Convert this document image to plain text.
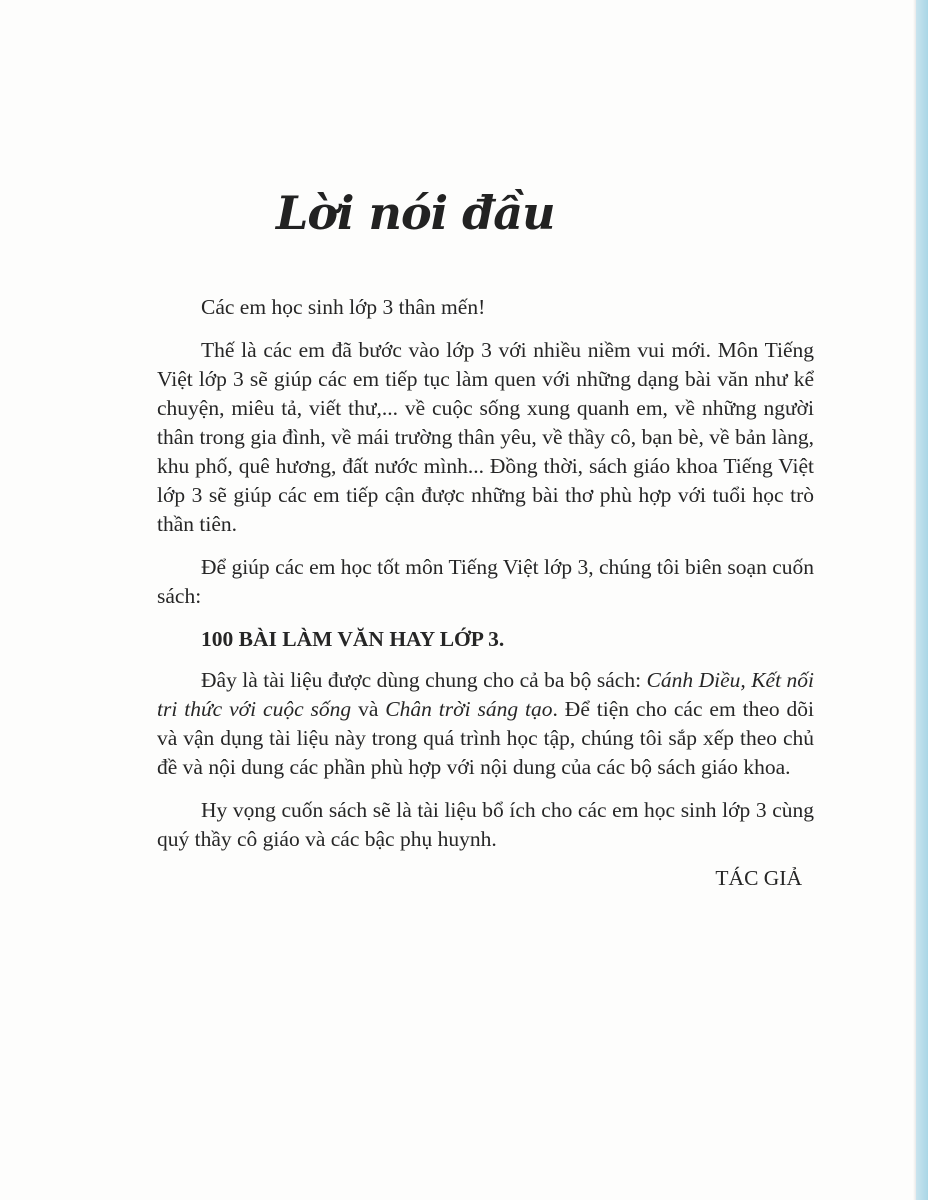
Lời nói đầu

Các em học sinh lớp 3 thân mến!

Thế là các em đã bước vào lớp 3 với nhiều niềm vui mới. Môn Tiếng Việt lớp 3 sẽ giúp các em tiếp tục làm quen với những dạng bài văn như kể chuyện, miêu tả, viết thư,... về cuộc sống xung quanh em, về những người thân trong gia đình, về mái trường thân yêu, về thầy cô, bạn bè, về bản làng, khu phố, quê hương, đất nước mình... Đồng thời, sách giáo khoa Tiếng Việt lớp 3 sẽ giúp các em tiếp cận được những bài thơ phù hợp với tuổi học trò thần tiên.

Để giúp các em học tốt môn Tiếng Việt lớp 3, chúng tôi biên soạn cuốn sách:

100 BÀI LÀM VĂN HAY LỚP 3.

Đây là tài liệu được dùng chung cho cả ba bộ sách: Cánh Diều, Kết nối tri thức với cuộc sống và Chân trời sáng tạo. Để tiện cho các em theo dõi và vận dụng tài liệu này trong quá trình học tập, chúng tôi sắp xếp theo chủ đề và nội dung các phần phù hợp với nội dung của các bộ sách giáo khoa.

Hy vọng cuốn sách sẽ là tài liệu bổ ích cho các em học sinh lớp 3 cùng quý thầy cô giáo và các bậc phụ huynh.

TÁC GIẢ
